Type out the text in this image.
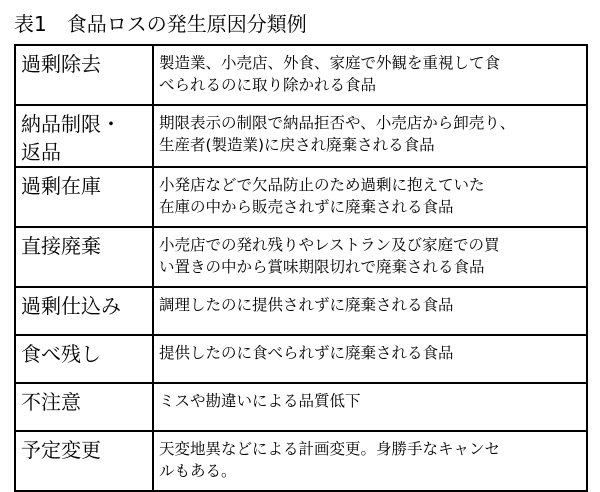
表1　食品ロスの発生原因分類例
過剰除去	製造業、小売店、外食、家庭で外観を重視して食
べられるのに取り除かれる食品

納品制限・
返品	期限表示の制限で納品拒否や、小売店から卸売り、
生産者(製造業)に戻され廃棄される食品

過剰在庫	小発店などで欠品防止のため過剰に抱えていた
在庫の中から販売されずに廃棄される食品

直接廃棄	小売店での発れ残りやレストラン及び家庭での買
い置きの中から賞味期限切れで廃棄される食品

過剰仕込み	調理したのに提供されずに廃棄される食品

食べ残し	提供したのに食べられずに廃棄される食品

不注意	ミスや勘違いによる品質低下

予定変更	天変地異などによる計画変更。身勝手なキャンセ
ルもある。
